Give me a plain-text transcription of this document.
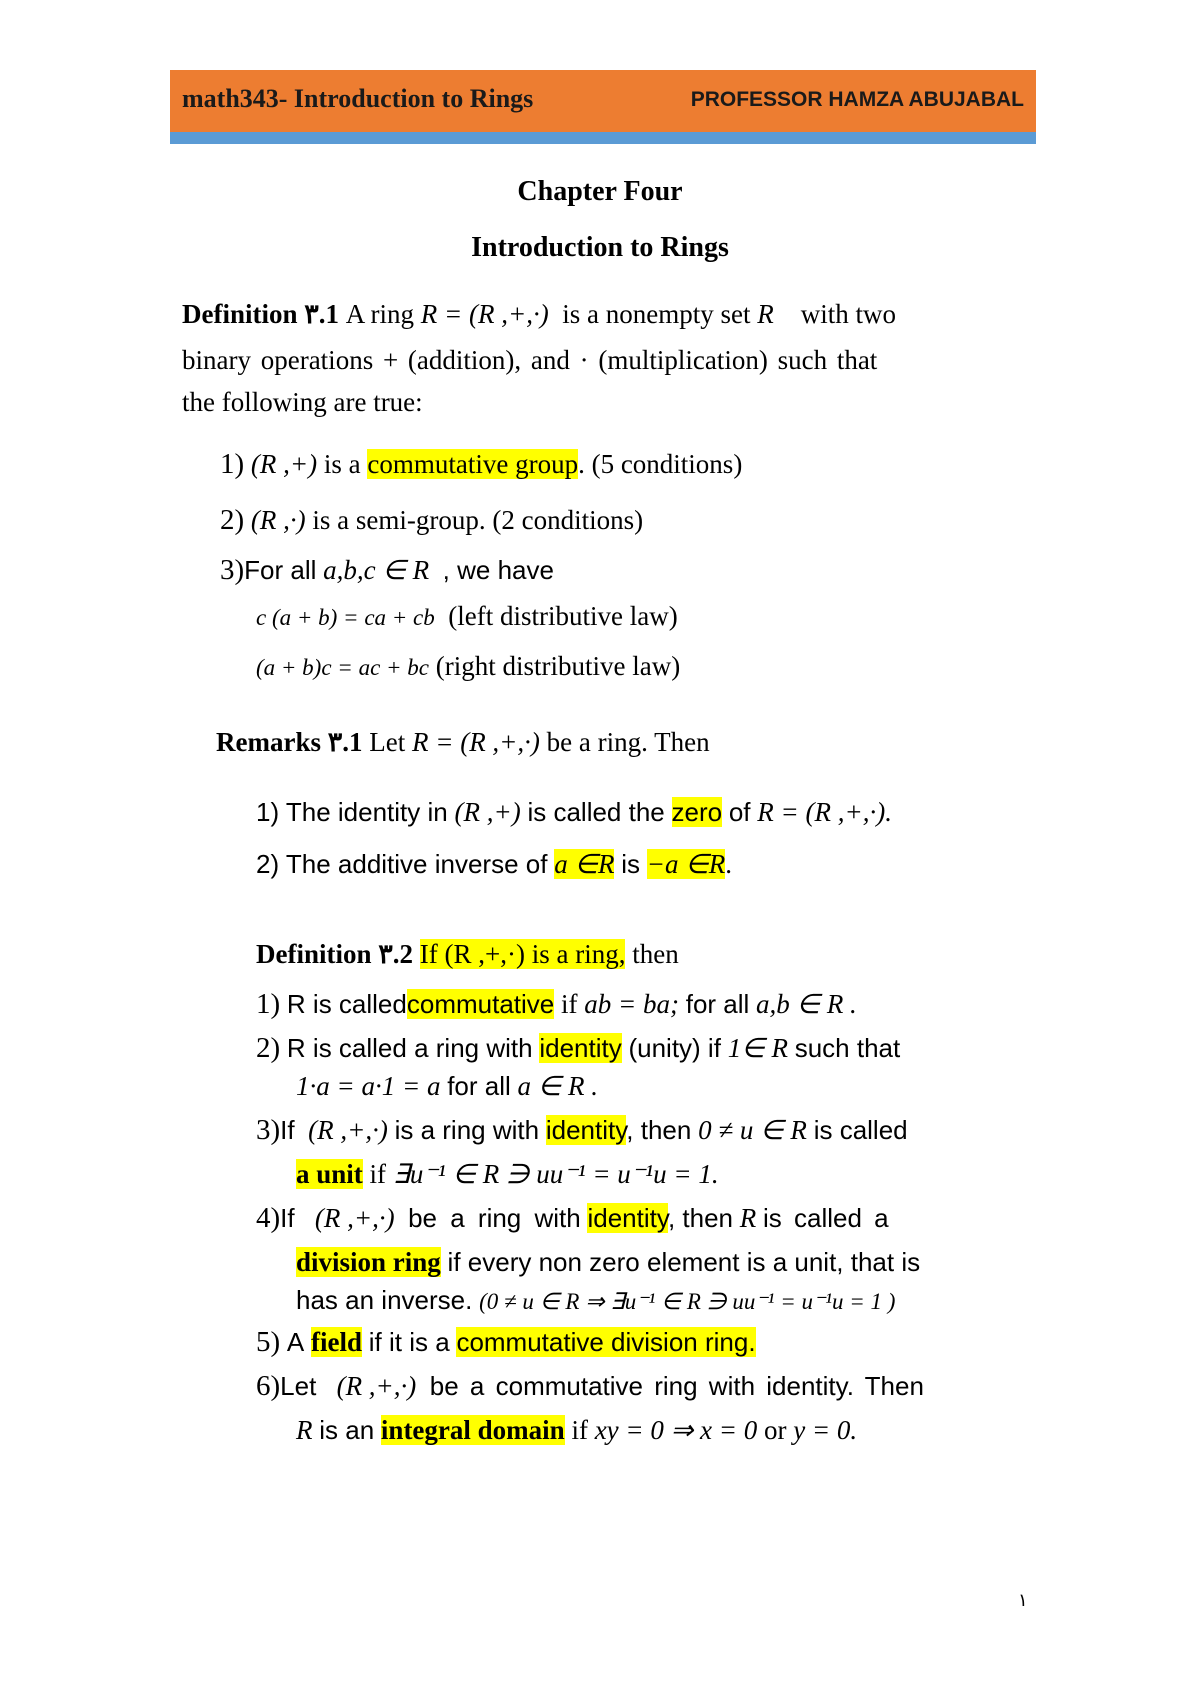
math343- Introduction to Rings	PROFESSOR HAMZA ABUJABAL
Chapter Four
Introduction to Rings
Definition ٣.1 A ring R = (R ,+,·) is a nonempty set R with two
binary operations + (addition), and · (multiplication) such that
the following are true:
1) (R ,+) is a commutative group. (5 conditions)
2) (R ,·) is a semi-group. (2 conditions)
3)For all a,b,c ∈ R , we have
c (a + b) = ca + cb (left distributive law)
(a + b)c = ac + bc (right distributive law)
Remarks ٣.1 Let R = (R ,+,·) be a ring. Then
1) The identity in (R ,+) is called the zero of R = (R ,+,·).
2) The additive inverse of a ∈R is −a ∈R.
Definition ٣.2 If (R ,+,·) is a ring, then
1) R is calledcommutative if ab = ba; for all a,b ∈ R .
2) R is called a ring with identity (unity) if 1∈ R such that
1·a = a·1 = a for all a ∈ R .
3)If (R ,+,·) is a ring with identity, then 0 ≠ u ∈ R is called
a unit if ∃u⁻¹ ∈ R ∋ uu⁻¹ = u⁻¹u = 1.
4)If (R ,+,·) be a ring with identity, then R is called a
division ring if every non zero element is a unit, that is
has an inverse. (0 ≠ u ∈ R ⇒ ∃u⁻¹ ∈ R ∋ uu⁻¹ = u⁻¹u = 1 )
5) A field if it is a commutative division ring.
6)Let (R ,+,·) be a commutative ring with identity. Then
R is an integral domain if xy = 0 ⇒ x = 0 or y = 0.
١
